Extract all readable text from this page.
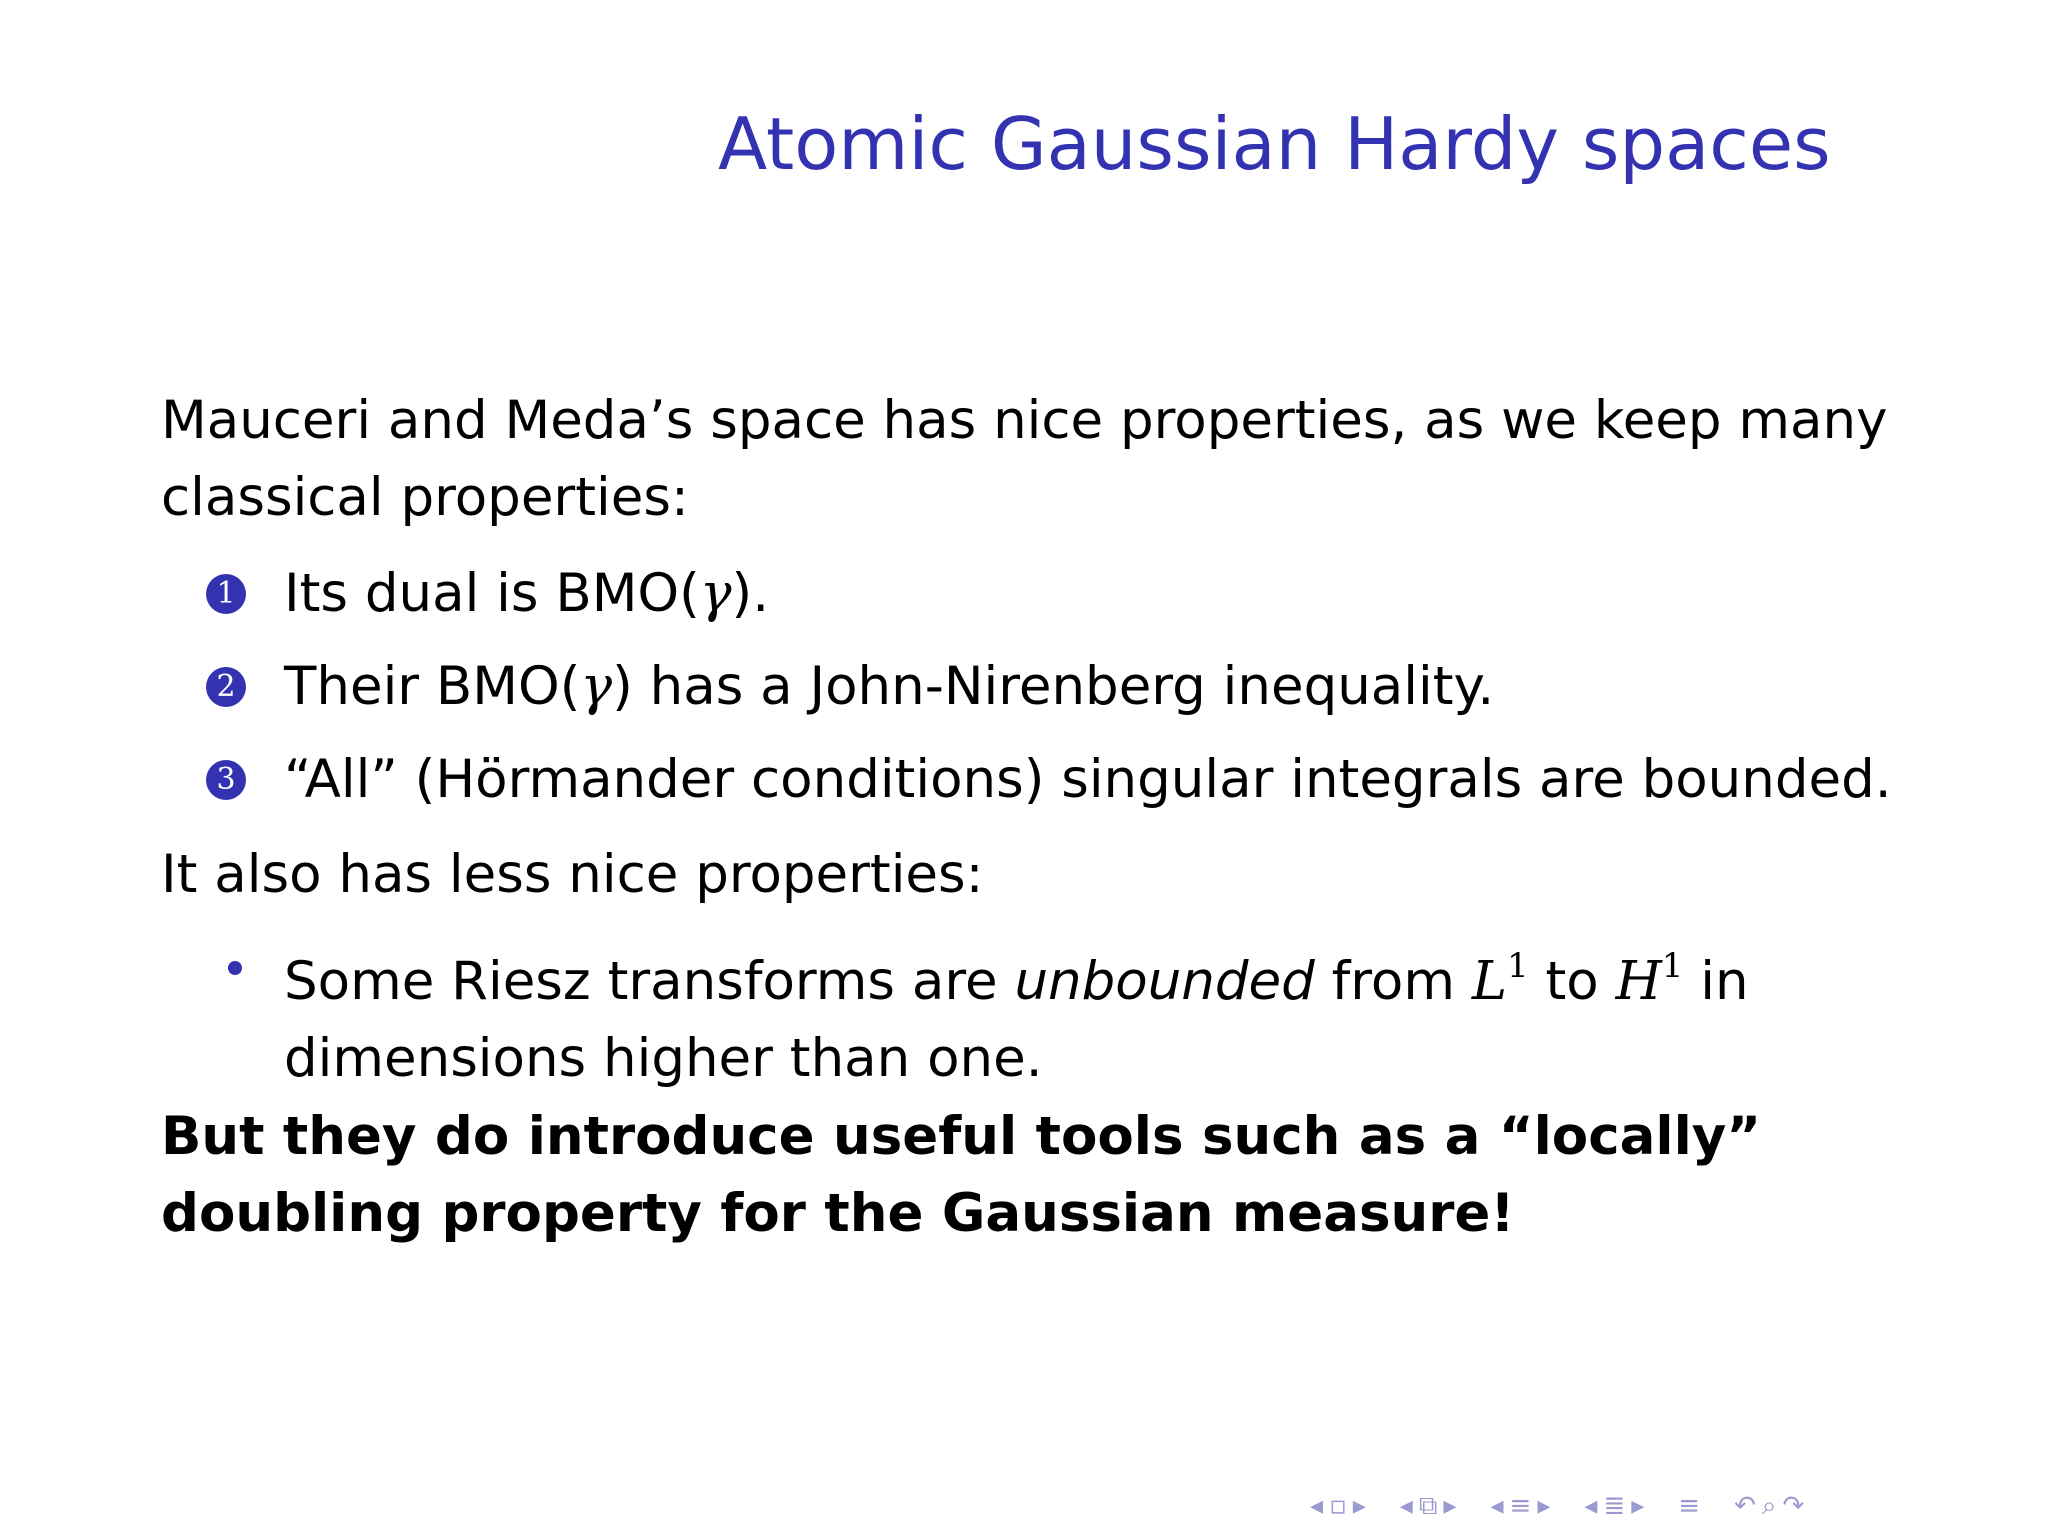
Atomic Gaussian Hardy spaces
Mauceri and Meda’s space has nice properties, as we keep many
classical properties:
1 Its dual is BMO(γ).
2 Their BMO(γ) has a John-Nirenberg inequality.
3 “All” (Hörmander conditions) singular integrals are bounded.
It also has less nice properties:
Some Riesz transforms are unbounded from $L^1$ to $H^1$ in
dimensions higher than one.
But they do introduce useful tools such as a “locally”
doubling property for the Gaussian measure!
◂ ▫ ▸ ◂ ⧉ ▸ ◂ ≡ ▸ ◂ ≣ ▸ ≡ ↶ ⌕ ↷
